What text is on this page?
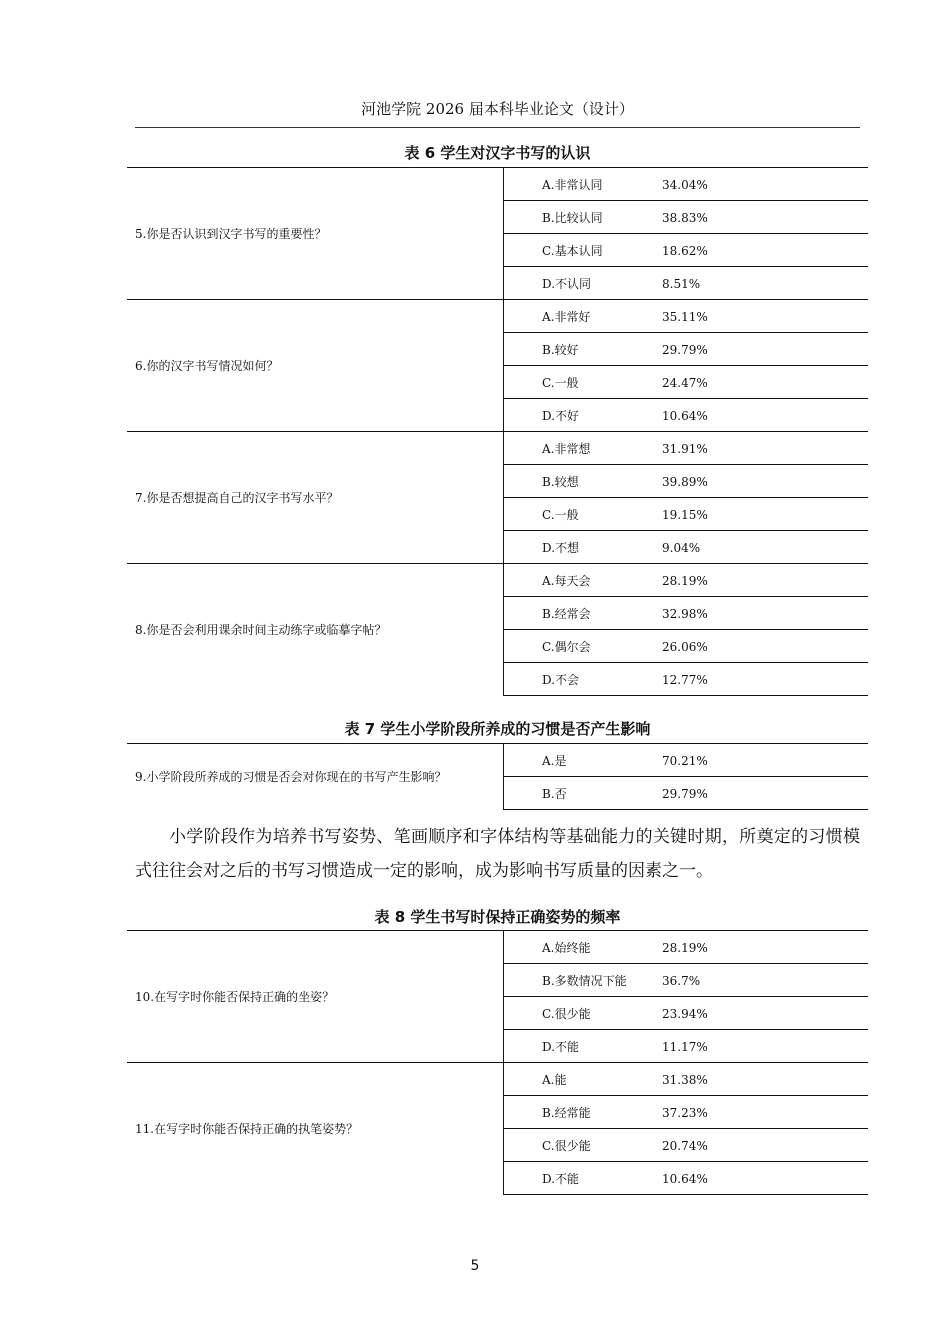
河池学院 2026 届本科毕业论文（设计）
表 6 学生对汉字书写的认识
5.你是否认识到汉字书写的重要性？	A.非常认同 34.04%
	B.比较认同 38.83%
	C.基本认同 18.62%
	D.不认同 8.51%
6.你的汉字书写情况如何？	A.非常好 35.11%
	B.较好 29.79%
	C.一般 24.47%
	D.不好 10.64%
7.你是否想提高自己的汉字书写水平？	A.非常想 31.91%
	B.较想 39.89%
	C.一般 19.15%
	D.不想 9.04%
8.你是否会利用课余时间主动练字或临摹字帖？	A.每天会 28.19%
	B.经常会 32.98%
	C.偶尔会 26.06%
	D.不会 12.77%
表 7 学生小学阶段所养成的习惯是否产生影响
9.小学阶段所养成的习惯是否会对你现在的书写产生影响？	A.是	70.21%
B.否	29.79%
小学阶段作为培养书写姿势、笔画顺序和字体结构等基础能力的关键时期，所奠定的习惯模式往往会对之后的书写习惯造成一定的影响，成为影响书写质量的因素之一。
表 8 学生书写时保持正确姿势的频率
10.在写字时你能否保持正确的坐姿？	A.始终能 28.19%
	B.多数情况下能 36.7%
	C.很少能 23.94%
	D.不能 11.17%
11.在写字时你能否保持正确的执笔姿势？	A.能 31.38%
	B.经常能 37.23%
	C.很少能 20.74%
	D.不能 10.64%
5
